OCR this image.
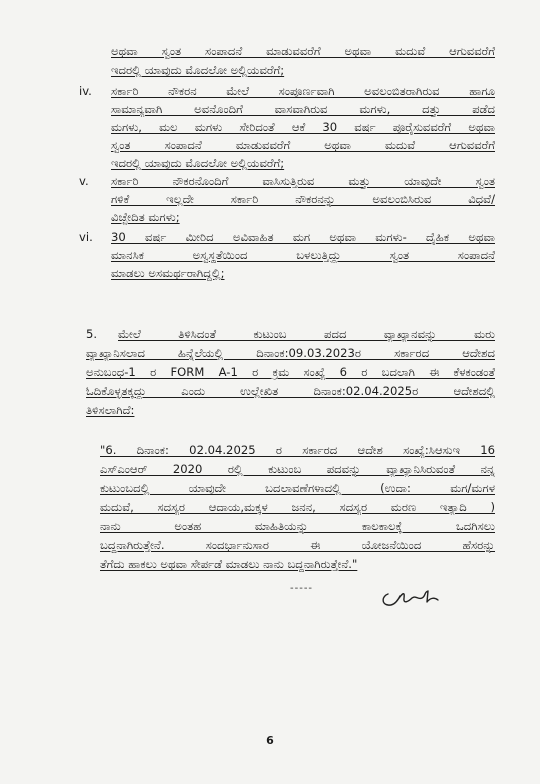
ಅಥವಾ ಸ್ವಂತ ಸಂಪಾದನೆ ಮಾಡುವವರೆಗೆ ಅಥವಾ ಮದುವೆ ಆಗುವವರೆಗೆ
ಇದರಲ್ಲಿ ಯಾವುದು ಮೊದಲೋ ಅಲ್ಲಿಯವರೆಗೆ;
iv. ಸರ್ಕಾರಿ ನೌಕರನ ಮೇಲೆ ಸಂಪೂರ್ಣವಾಗಿ ಅವಲಂಬಿತರಾಗಿರುವ ಹಾಗೂ
ಸಾಮಾನ್ಯವಾಗಿ ಅವನೊಂದಿಗೆ ವಾಸವಾಗಿರುವ ಮಗಳು, ದತ್ತು ಪಡೆದ
ಮಗಳು, ಮಲ ಮಗಳು ಸೇರಿದಂತೆ ಆಕೆ 30 ವರ್ಷ ಪೂರೈಸುವವರೆಗೆ ಅಥವಾ
ಸ್ವಂತ ಸಂಪಾದನೆ ಮಾಡುವವರೆಗೆ ಅಥವಾ ಮದುವೆ ಆಗುವವರೆಗೆ
ಇದರಲ್ಲಿ ಯಾವುದು ಮೊದಲೋ ಅಲ್ಲಿಯವರೆಗೆ;
v. ಸರ್ಕಾರಿ ನೌಕರನೊಂದಿಗೆ ವಾಸಿಸುತ್ತಿರುವ ಮತ್ತು ಯಾವುದೇ ಸ್ವಂತ
ಗಳಿಕೆ ಇಲ್ಲದೇ ಸರ್ಕಾರಿ ನೌಕರನನ್ನು ಅವಲಂಬಿಸಿರುವ ವಿಧವೆ/
ವಿಚ್ಛೇದಿತ ಮಗಳು;
vi. 30 ವರ್ಷ ಮೀರಿದ ಅವಿವಾಹಿತ ಮಗ ಅಥವಾ ಮಗಳು- ದೈಹಿಕ ಅಥವಾ
ಮಾನಸಿಕ ಅಸ್ವಸ್ಥತೆಯಿಂದ ಬಳಲುತ್ತಿದ್ದು ಸ್ವಂತ ಸಂಪಾದನೆ
ಮಾಡಲು ಅಸಮರ್ಥರಾಗಿದ್ದಲ್ಲಿ;
5. ಮೇಲೆ ತಿಳಿಸಿದಂತೆ ಕುಟುಂಬ ಪದದ ವ್ಯಾಖ್ಯಾನವನ್ನು ಮರು
ವ್ಯಾಖ್ಯಾನಿಸಲಾದ ಹಿನ್ನೆಲೆಯಲ್ಲಿ ದಿನಾಂಕ:09.03.2023ರ ಸರ್ಕಾರದ ಆದೇಶದ
ಅನುಬಂಧ-1 ರ FORM A-1 ರ ಕ್ರಮ ಸಂಖ್ಯೆ 6 ರ ಬದಲಾಗಿ ಈ ಕೆಳಕಂಡಂತೆ
ಓದಿಕೊಳ್ಳತಕ್ಕದ್ದು ಎಂದು ಉಲ್ಲೇಖಿತ ದಿನಾಂಕ:02.04.2025ರ ಆದೇಶದಲ್ಲಿ
ತಿಳಿಸಲಾಗಿದೆ:
"6. ದಿನಾಂಕ: 02.04.2025 ರ ಸರ್ಕಾರದ ಆದೇಶ ಸಂಖ್ಯೆ:ಸಿಆಸುಇ 16
ಎಸ್‌ಎಂಆರ್ 2020 ರಲ್ಲಿ ಕುಟುಂಬ ಪದವನ್ನು ವ್ಯಾಖ್ಯಾನಿಸಿರುವಂತೆ ನನ್ನ
ಕುಟುಂಬದಲ್ಲಿ ಯಾವುದೇ ಬದಲಾವಣೆಗಳಾದಲ್ಲಿ (ಉದಾ: ಮಗ/ಮಗಳ
ಮದುವೆ, ಸದಸ್ಯರ ಆದಾಯ,ಮಕ್ಕಳ ಜನನ, ಸದಸ್ಯರ ಮರಣ ಇತ್ಯಾದಿ )
ನಾನು ಅಂತಹ ಮಾಹಿತಿಯನ್ನು ಕಾಲಕಾಲಕ್ಕೆ ಒದಗಿಸಲು
ಬದ್ಧನಾಗಿರುತ್ತೇನೆ. ಸಂದರ್ಭಾನುಸಾರ ಈ ಯೋಜನೆಯಿಂದ ಹೆಸರನ್ನು
ತೆಗೆದು ಹಾಕಲು ಅಥವಾ ಸೇರ್ಪಡೆ ಮಾಡಲು ನಾನು ಬದ್ಧನಾಗಿರುತ್ತೇನೆ."
-----
6
